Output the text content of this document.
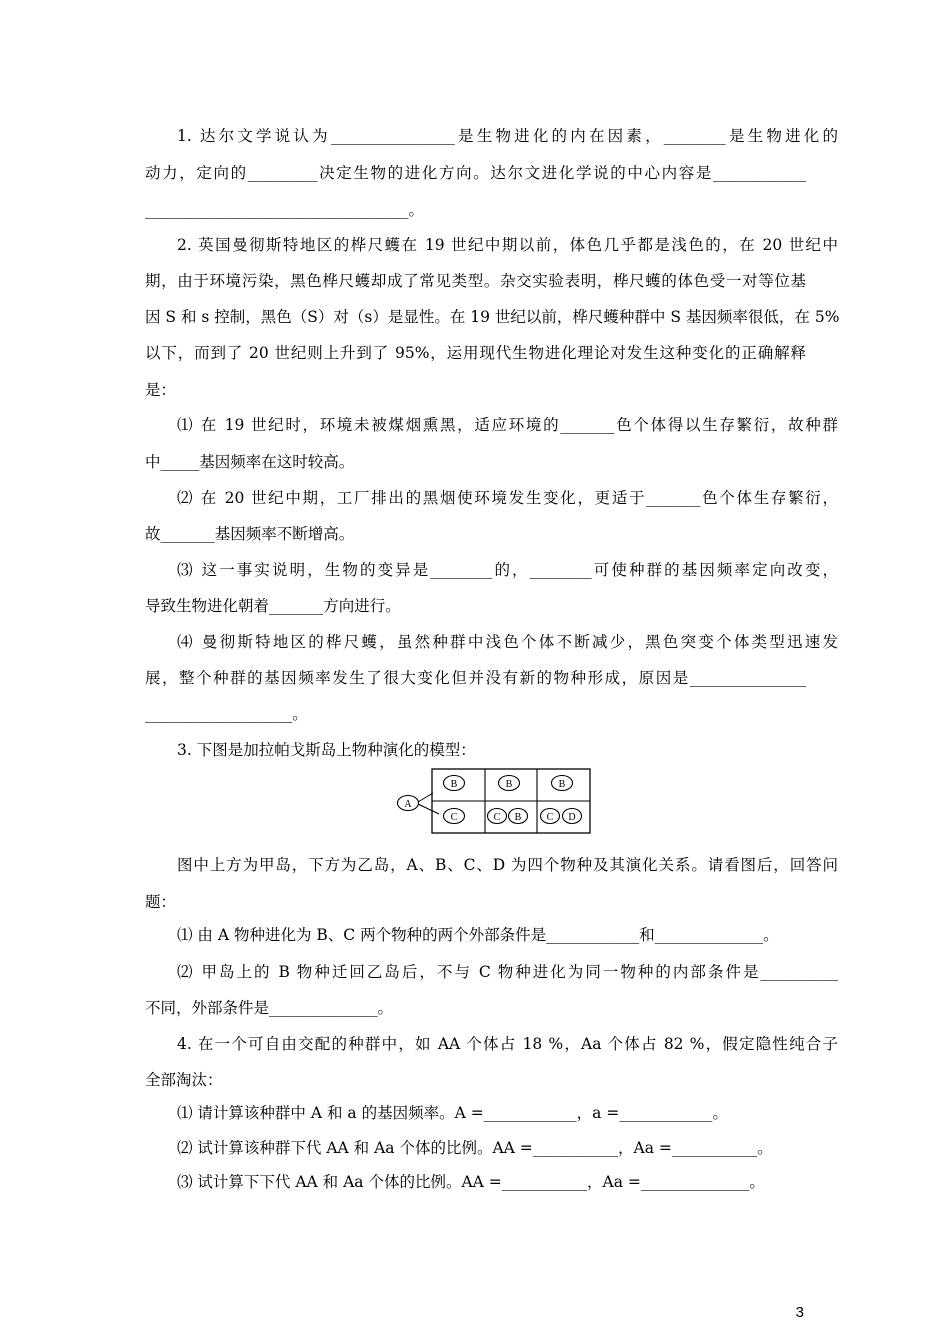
1. 达尔文学说认为________________是生物进化的内在因素，________是生物进化的
动力，定向的_________决定生物的进化方向。达尔文进化学说的中心内容是____________
__________________________________。
2. 英国曼彻斯特地区的桦尺蠖在 19 世纪中期以前，体色几乎都是浅色的，在 20 世纪中
期，由于环境污染，黑色桦尺蠖却成了常见类型。杂交实验表明，桦尺蠖的体色受一对等位基
因 S 和 s 控制，黑色（S）对（s）是显性。在 19 世纪以前，桦尺蠖种群中 S 基因频率很低，在 5%
以下，而到了 20 世纪则上升到了 95%，运用现代生物进化理论对发生这种变化的正确解释
是：
⑴ 在 19 世纪时，环境未被煤烟熏黑，适应环境的_______色个体得以生存繁衍，故种群
中_____基因频率在这时较高。
⑵ 在 20 世纪中期，工厂排出的黑烟使环境发生变化，更适于_______色个体生存繁衍，
故_______基因频率不断增高。
⑶ 这一事实说明，生物的变异是________的，________可使种群的基因频率定向改变，
导致生物进化朝着_______方向进行。
⑷ 曼彻斯特地区的桦尺蠖，虽然种群中浅色个体不断减少，黑色突变个体类型迅速发
展，整个种群的基因频率发生了很大变化但并没有新的物种形成，原因是_______________
___________________。
3. 下图是加拉帕戈斯岛上物种演化的模型：
A
B	B	B
C	C B	C D
图中上方为甲岛，下方为乙岛，A、B、C、D 为四个物种及其演化关系。请看图后，回答问
题：
⑴ 由 A 物种进化为 B、C 两个物种的两个外部条件是____________和______________。
⑵ 甲岛上的 B 物种迁回乙岛后，不与 C 物种进化为同一物种的内部条件是__________
不同，外部条件是______________。
4. 在一个可自由交配的种群中，如 AA 个体占 18 %，Aa 个体占 82 %，假定隐性纯合子
全部淘汰：
⑴ 请计算该种群中 A 和 a 的基因频率。A =____________，a =____________。
⑵ 试计算该种群下代 AA 和 Aa 个体的比例。AA =___________，Aa =___________。
⑶ 试计算下下代 AA 和 Aa 个体的比例。AA =___________，Aa =______________。
3
